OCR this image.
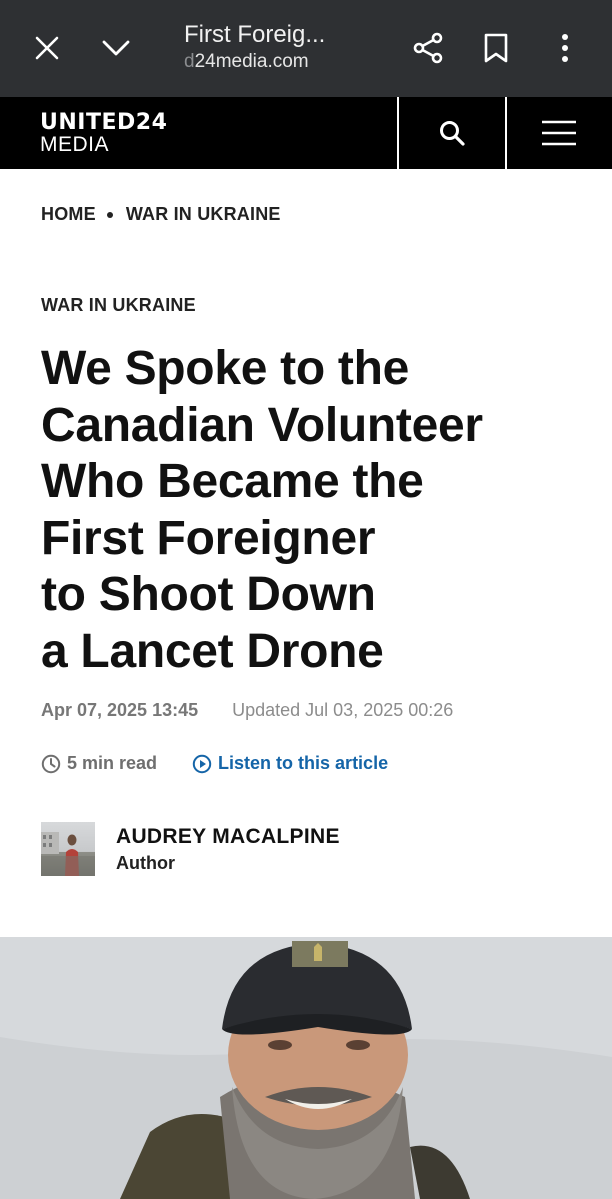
First Foreig...
d24media.com
UNITED24
MEDIA
HOME WAR IN UKRAINE
WAR IN UKRAINE
We Spoke to the
Canadian Volunteer
Who Became the
First Foreigner
to Shoot Down
a Lancet Drone
Apr 07, 2025 13:45 Updated Jul 03, 2025 00:26
5 min read	Listen to this article
AUDREY MACALPINE
Author
